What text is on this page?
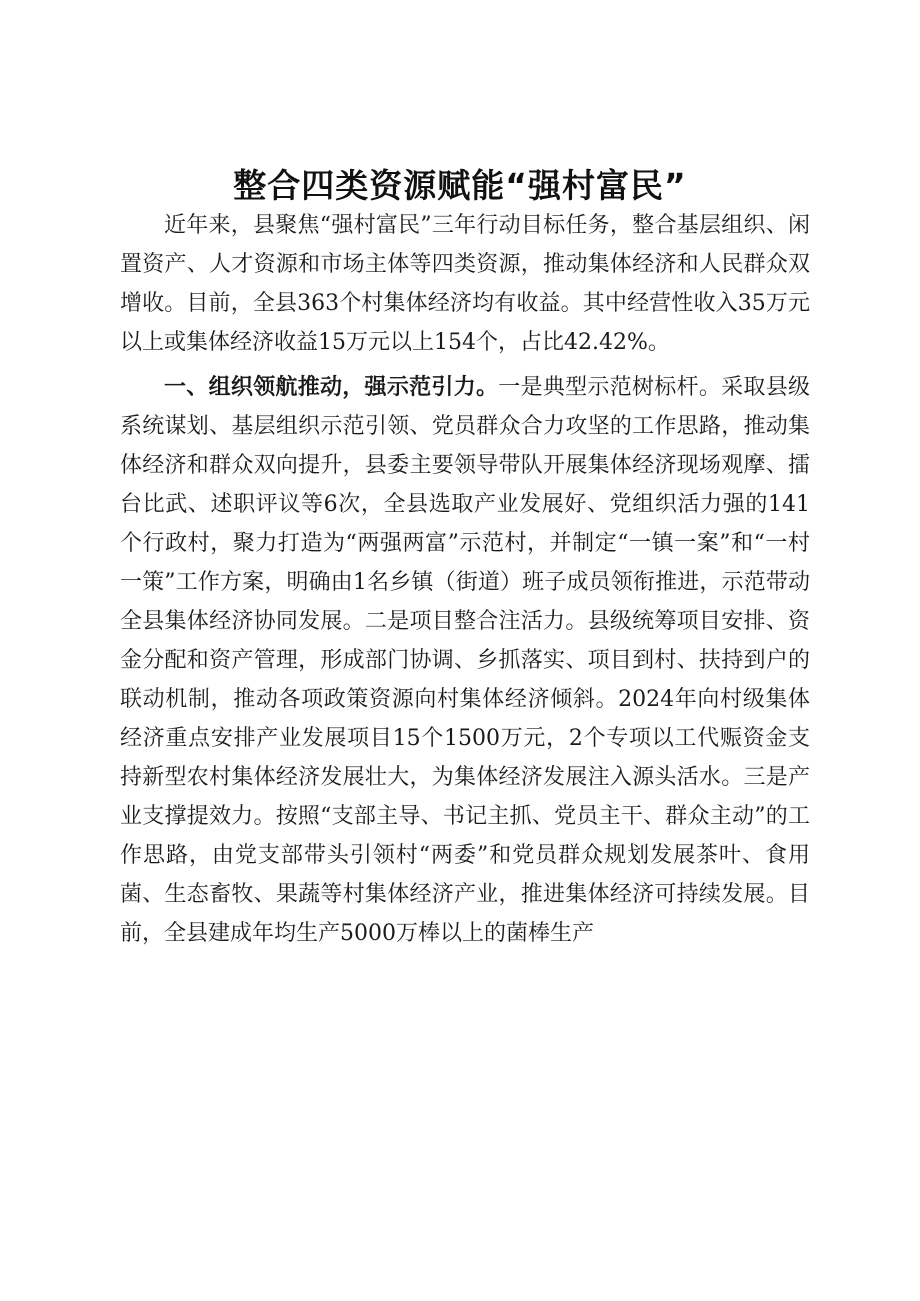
整合四类资源赋能“强村富民”

近年来，县聚焦“强村富民”三年行动目标任务，整合基层组织、闲置资产、人才资源和市场主体等四类资源，推动集体经济和人民群众双增收。目前，全县363个村集体经济均有收益。其中经营性收入35万元以上或集体经济收益15万元以上154个，占比42.42%。

一、组织领航推动，强示范引力。一是典型示范树标杆。采取县级系统谋划、基层组织示范引领、党员群众合力攻坚的工作思路，推动集体经济和群众双向提升，县委主要领导带队开展集体经济现场观摩、擂台比武、述职评议等6次，全县选取产业发展好、党组织活力强的141个行政村，聚力打造为“两强两富”示范村，并制定“一镇一案”和“一村一策”工作方案，明确由1名乡镇（街道）班子成员领衔推进，示范带动全县集体经济协同发展。二是项目整合注活力。县级统筹项目安排、资金分配和资产管理，形成部门协调、乡抓落实、项目到村、扶持到户的联动机制，推动各项政策资源向村集体经济倾斜。2024年向村级集体经济重点安排产业发展项目15个1500万元，2个专项以工代赈资金支持新型农村集体经济发展壮大，为集体经济发展注入源头活水。三是产业支撑提效力。按照“支部主导、书记主抓、党员主干、群众主动”的工作思路，由党支部带头引领村“两委”和党员群众规划发展茶叶、食用菌、生态畜牧、果蔬等村集体经济产业，推进集体经济可持续发展。目前，全县建成年均生产5000万棒以上的菌棒生产
